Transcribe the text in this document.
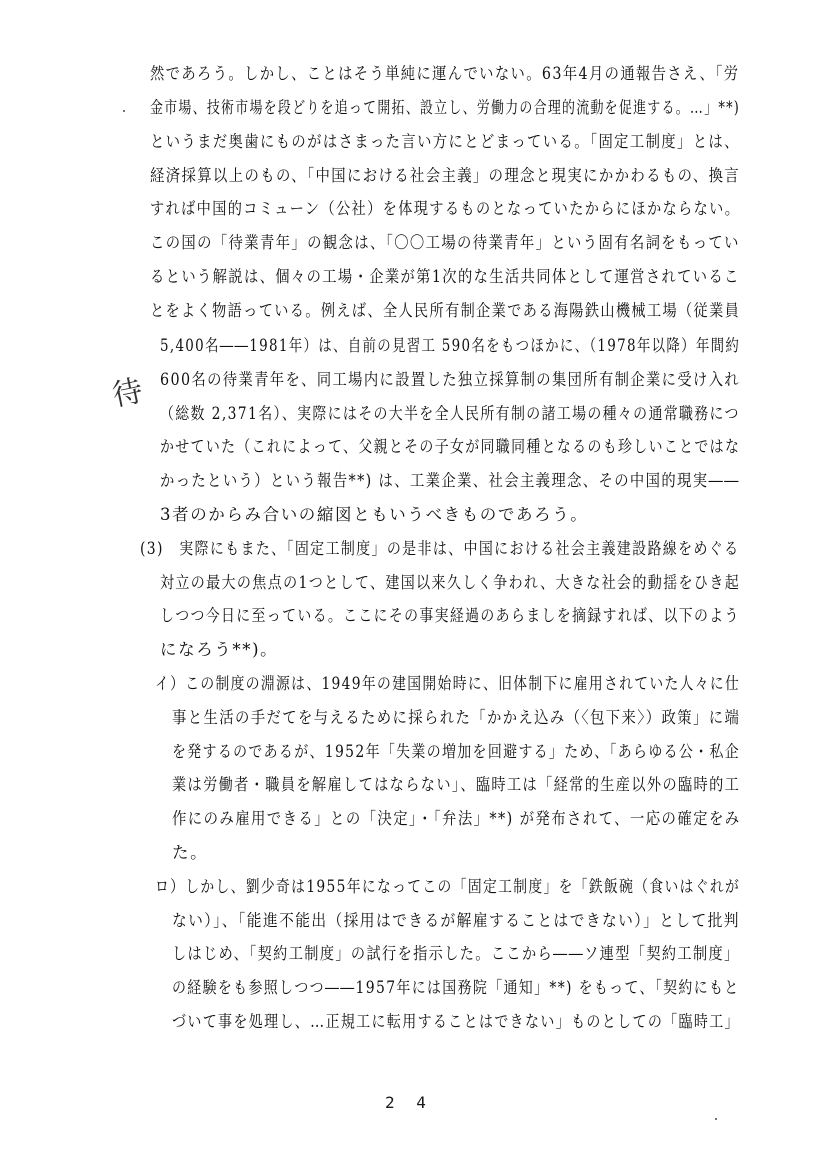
然であろう。しかし、ことはそう単純に運んでいない。63年4月の通報告さえ、「労
金市場、技術市場を段どりを追って開拓、設立し、労働力の合理的流動を促進する。…」**)
というまだ奥歯にものがはさまった言い方にとどまっている。「固定工制度」とは、
経済採算以上のもの、「中国における社会主義」の理念と現実にかかわるもの、換言
すれば中国的コミューン（公社）を体現するものとなっていたからにほかならない。
この国の「待業青年」の観念は、「〇〇工場の待業青年」という固有名詞をもってい
るという解説は、個々の工場・企業が第1次的な生活共同体として運営されているこ
とをよく物語っている。例えば、全人民所有制企業である海陽鉄山機械工場（従業員
5,400名――1981年）は、自前の見習工 590名をもつほかに、（1978年以降）年間約
600名の待業青年を、同工場内に設置した独立採算制の集団所有制企業に受け入れ
（総数 2,371名）、実際にはその大半を全人民所有制の諸工場の種々の通常職務につ
かせていた（これによって、父親とその子女が同職同種となるのも珍しいことではな
かったという）という報告**) は、工業企業、社会主義理念、その中国的現実――
3者のからみ合いの縮図ともいうべきものであろう。
(3)　実際にもまた、「固定工制度」の是非は、中国における社会主義建設路線をめぐる
対立の最大の焦点の1つとして、建国以来久しく争われ、大きな社会的動揺をひき起
しつつ今日に至っている。ここにその事実経過のあらましを摘録すれば、以下のよう
になろう**)。
イ）この制度の淵源は、1949年の建国開始時に、旧体制下に雇用されていた人々に仕
事と生活の手だてを与えるために採られた「かかえ込み（〈包下来〉）政策」に端
を発するのであるが、1952年「失業の増加を回避する」ため、「あらゆる公・私企
業は労働者・職員を解雇してはならない」、臨時工は「経常的生産以外の臨時的工
作にのみ雇用できる」との「決定」・「弁法」**) が発布されて、一応の確定をみ
た。
ロ）しかし、劉少奇は1955年になってこの「固定工制度」を「鉄飯碗（食いはぐれが
ない）」、「能進不能出（採用はできるが解雇することはできない）」として批判
しはじめ、「契約工制度」の試行を指示した。ここから――ソ連型「契約工制度」
の経験をも参照しつつ――1957年には国務院「通知」**) をもって、「契約にもと
づいて事を処理し、…正規工に転用することはできない」ものとしての「臨時工」
待
2 4
